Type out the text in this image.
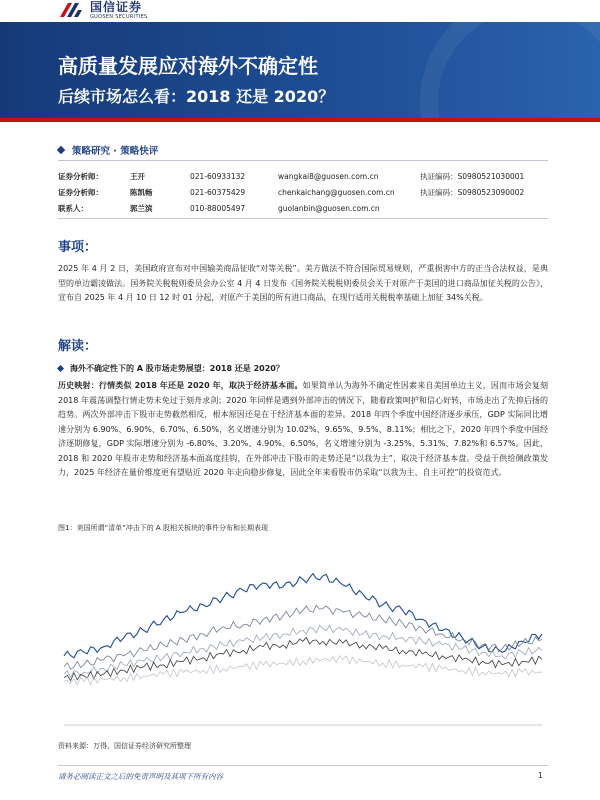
国信证券
GUOSEN SECURITIES
高质量发展应对海外不确定性
后续市场怎么看：2018 还是 2020？
策略研究 · 策略快评
证券分析师：	王开	021-60933132	wangkai8@guosen.com.cn	执证编码：S0980521030001
证券分析师：	陈凯畅	021-60375429	chenkaichang@guosen.com.cn	执证编码：S0980523090002
联系人：	郭兰滨	010-88005497	guolanbin@guosen.com.cn
事项：

2025 年 4 月 2 日，美国政府宣布对中国输美商品征收“对等关税”。美方做法不符合国际贸易规则，严重损害中方的正当合法权益，是典型的单边霸凌做法。国务院关税税则委员会办公室 4 月 4 日发布《国务院关税税则委员会关于对原产于美国的进口商品加征关税的公告》，宣布自 2025 年 4 月 10 日 12 时 01 分起，对原产于美国的所有进口商品，在现行适用关税税率基础上加征 34%关税。

解读：
海外不确定性下的 A 股市场走势展望：2018 还是 2020？

历史映射：行情类似 2018 年还是 2020 年，取决于经济基本面。如果简单认为海外不确定性因素来自美国单边主义，因而市场会复刻 2018 年震荡调整行情走势未免过于刻舟求剑；2020 年同样是遇到外部冲击的情况下，随着政策呵护和信心好转，市场走出了先抑后扬的趋势。两次外部冲击下股市走势截然相反，根本原因还是在于经济基本面的差异。2018 年四个季度中国经济逐步承压，GDP 实际同比增速分别为 6.90%、6.90%、6.70%、6.50%，名义增速分别为 10.02%、9.65%、9.5%、8.11%；相比之下，2020 年四个季度中国经济逐期修复，GDP 实际增速分别为 -6.80%、3.20%、4.90%、6.50%，名义增速分别为 -3.25%、5.31%、7.82%和 6.57%。因此，2018 和 2020 年股市走势和经济基本面高度挂钩，在外部冲击下股市的走势还是“以我为主”，取决于经济基本盘。受益于供给侧政策发力，2025 年经济在量价维度更有望贴近 2020 年走向稳步修复，因此全年来看股市仍采取“以我为主、自主可控”的投资范式。

图1：美国所谓“清单”冲击下的 A 股相关板块的事件分布和长期表现
资料来源：万得，国信证券经济研究所整理
请务必阅读正文之后的免责声明及其项下所有内容	1
